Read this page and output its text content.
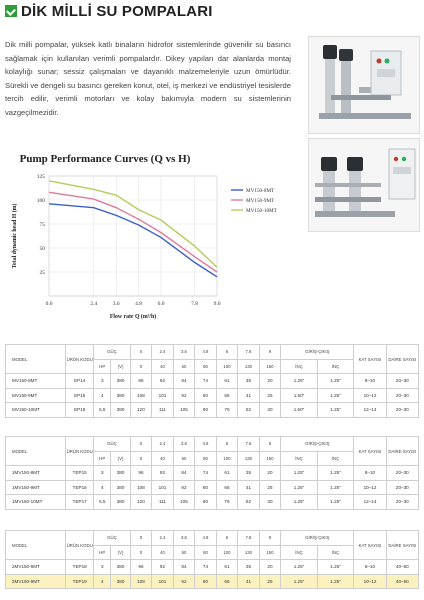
DİK MİLLİ SU POMPALARI

Dik milli pompalar, yüksek katlı binaların hidrofor sistemlerinde güvenilir su basıncı sağlamak için kullanılan verimli pompalardır. Dikey yapıları dar alanlarda montaj kolaylığı sunar; sessiz çalışmaları ve dayanıklı malzemeleriyle uzun ömürlüdür. Sürekli ve dengeli su basıncı gereken konut, otel, iş merkezi ve endüstriyel tesislerde tercih edilir, verimli motorları ve kolay bakımıyla modern su sistemlerinin vazgeçilmezidir.

Pump Performance Curves (Q vs H)
25
50
75
100
125
0.0	2.4	3.6	4.8	6.0	7.8	9.0
Flow rate Q (m³/h)
Total dynamic head H (m)
MV150-8MT
MV150-9MT
MV150-10MT
MODEL	ÜRÜN KODU	GÜÇ		0	2.4	3.6	4.8	6	7.8	9	GİRİŞ-ÇIKIŞ		KAT SAYISI	DAİRE SAYISI
		HP	(V)	0	40	60	80	100	130	150	İNÇ	İNÇ		
MV150-8MT	EP14	3	380	96	92	84	74	61	35	20	1.25"	1.25"	8–10	20–30
MV150-9MT	EP15	4	380	108	101	92	80	66	41	25	1.50"	1.25"	10–12	20–30
MV150-10MT	EP16	5.5	380	120	111	105	90	79	52	30	1.50"	1.25"	12–14	20–30
MODEL	ÜRÜN KODU	GÜÇ		0	2.4	3.6	4.8	6	7.8	9	GİRİŞ-ÇIKIŞ		KAT SAYISI	DAİRE SAYISI
		HP	(V)	0	40	60	80	100	130	150	İNÇ	İNÇ		
1MV150-8MT	TEP15	3	380	96	92	84	74	61	35	20	1.25"	1.25"	8–10	20–30
1MV150-9MT	TEP16	4	380	108	101	92	80	66	41	25	1.25"	1.25"	10–12	20–30
1MV150-10MT	TEP17	5.5	380	120	111	105	90	79	52	30	1.25"	1.25"	12–14	20–30
MODEL	ÜRÜN KODU	GÜÇ		0	2.4	3.6	4.8	6	7.8	9	GİRİŞ-ÇIKIŞ		KAT SAYISI	DAİRE SAYISI
		HP	(V)	0	40	60	80	100	130	150	İNÇ	İNÇ		
2MV150-8MT	TEP18	3	380	96	92	84	74	61	35	20	1.25"	1.25"	8–10	40–60
2MV150-9MT	TEP19	4	380	108	101	92	80	66	41	25	1.25"	1.25"	10–12	40–60
